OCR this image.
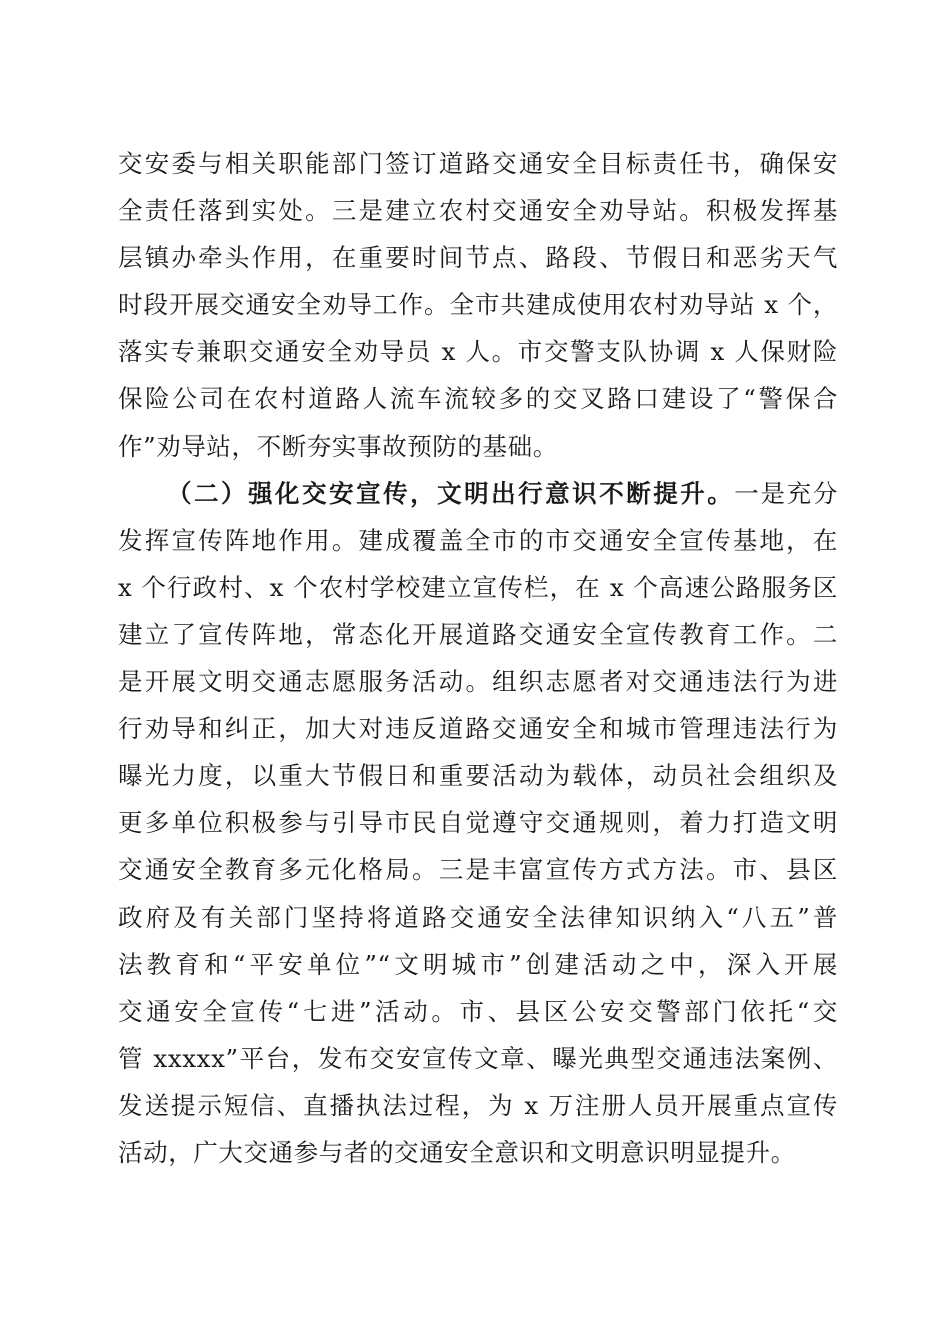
交安委与相关职能部门签订道路交通安全目标责任书，确保安
全责任落到实处。三是建立农村交通安全劝导站。积极发挥基
层镇办牵头作用，在重要时间节点、路段、节假日和恶劣天气
时段开展交通安全劝导工作。全市共建成使用农村劝导站 x 个，
落实专兼职交通安全劝导员 x 人。市交警支队协调 x 人保财险
保险公司在农村道路人流车流较多的交叉路口建设了“警保合
作”劝导站，不断夯实事故预防的基础。
（二）强化交安宣传，文明出行意识不断提升。一是充分
发挥宣传阵地作用。建成覆盖全市的市交通安全宣传基地，在
x 个行政村、x 个农村学校建立宣传栏，在 x 个高速公路服务区
建立了宣传阵地，常态化开展道路交通安全宣传教育工作。二
是开展文明交通志愿服务活动。组织志愿者对交通违法行为进
行劝导和纠正，加大对违反道路交通安全和城市管理违法行为
曝光力度，以重大节假日和重要活动为载体，动员社会组织及
更多单位积极参与引导市民自觉遵守交通规则，着力打造文明
交通安全教育多元化格局。三是丰富宣传方式方法。市、县区
政府及有关部门坚持将道路交通安全法律知识纳入“八五”普
法教育和“平安单位”“文明城市”创建活动之中，深入开展
交通安全宣传“七进”活动。市、县区公安交警部门依托“交
管 xxxxx”平台，发布交安宣传文章、曝光典型交通违法案例、
发送提示短信、直播执法过程，为 x 万注册人员开展重点宣传
活动，广大交通参与者的交通安全意识和文明意识明显提升。
